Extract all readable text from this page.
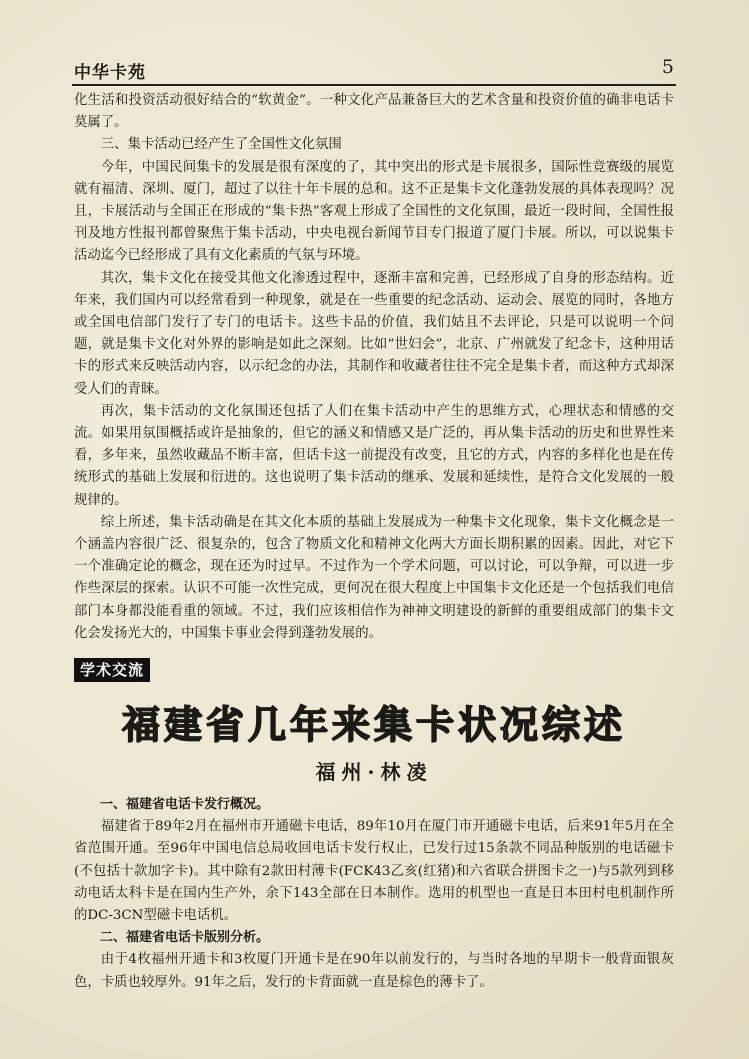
中华卡苑	5

化生活和投资活动很好结合的“软黄金”。一种文化产品兼备巨大的艺术含量和投资价值的确非电话卡莫属了。

三、集卡活动已经产生了全国性文化氛围

今年，中国民间集卡的发展是很有深度的了，其中突出的形式是卡展很多，国际性竞赛级的展览就有福清、深圳、厦门，超过了以往十年卡展的总和。这不正是集卡文化蓬勃发展的具体表现吗？况且，卡展活动与全国正在形成的“集卡热”客观上形成了全国性的文化氛围，最近一段时间，全国性报刊及地方性报刊都曾聚焦于集卡活动，中央电视台新闻节目专门报道了厦门卡展。所以，可以说集卡活动迄今已经形成了具有文化素质的气氛与环境。

其次，集卡文化在接受其他文化渗透过程中，逐渐丰富和完善，已经形成了自身的形态结构。近年来，我们国内可以经常看到一种现象，就是在一些重要的纪念活动、运动会、展览的同时，各地方或全国电信部门发行了专门的电话卡。这些卡品的价值，我们姑且不去评论，只是可以说明一个问题，就是集卡文化对外界的影响是如此之深刻。比如“世妇会”，北京、广州就发了纪念卡，这种用话卡的形式来反映活动内容，以示纪念的办法，其制作和收藏者往往不完全是集卡者，而这种方式却深受人们的青睐。

再次，集卡活动的文化氛围还包括了人们在集卡活动中产生的思维方式，心理状态和情感的交流。如果用氛围概括或许是抽象的，但它的涵义和情感又是广泛的，再从集卡活动的历史和世界性来看，多年来，虽然收藏品不断丰富，但话卡这一前提没有改变，且它的方式，内容的多样化也是在传统形式的基础上发展和衍进的。这也说明了集卡活动的继承、发展和延续性，是符合文化发展的一般规律的。

综上所述，集卡活动确是在其文化本质的基础上发展成为一种集卡文化现象，集卡文化概念是一个涵盖内容很广泛、很复杂的，包含了物质文化和精神文化两大方面长期积累的因素。因此，对它下一个准确定论的概念，现在还为时过早。不过作为一个学术问题，可以讨论，可以争辩，可以进一步作些深层的探索。认识不可能一次性完成，更何况在很大程度上中国集卡文化还是一个包括我们电信部门本身都没能看重的领域。不过，我们应该相信作为神神文明建设的新鲜的重要组成部门的集卡文化会发扬光大的，中国集卡事业会得到蓬勃发展的。

学术交流
福建省几年来集卡状况综述
福州·林凌

一、福建省电话卡发行概况。

福建省于89年2月在福州市开通磁卡电话，89年10月在厦门市开通磁卡电话，后来91年5月在全省范围开通。至96年中国电信总局收回电话卡发行权止，已发行过15条款不同品种版别的电话磁卡(不包括十款加字卡)。其中除有2款田村薄卡(FCK43乙亥(红猪)和六省联合拼图卡之一)与5款列到移动电话太科卡是在国内生产外，余下143全部在日本制作。选用的机型也一直是日本田村电机制作所的DC-3CN型磁卡电话机。

二、福建省电话卡版别分析。

由于4枚福州开通卡和3枚厦门开通卡是在90年以前发行的，与当时各地的早期卡一般背面银灰色，卡质也较厚外。91年之后，发行的卡背面就一直是棕色的薄卡了。
